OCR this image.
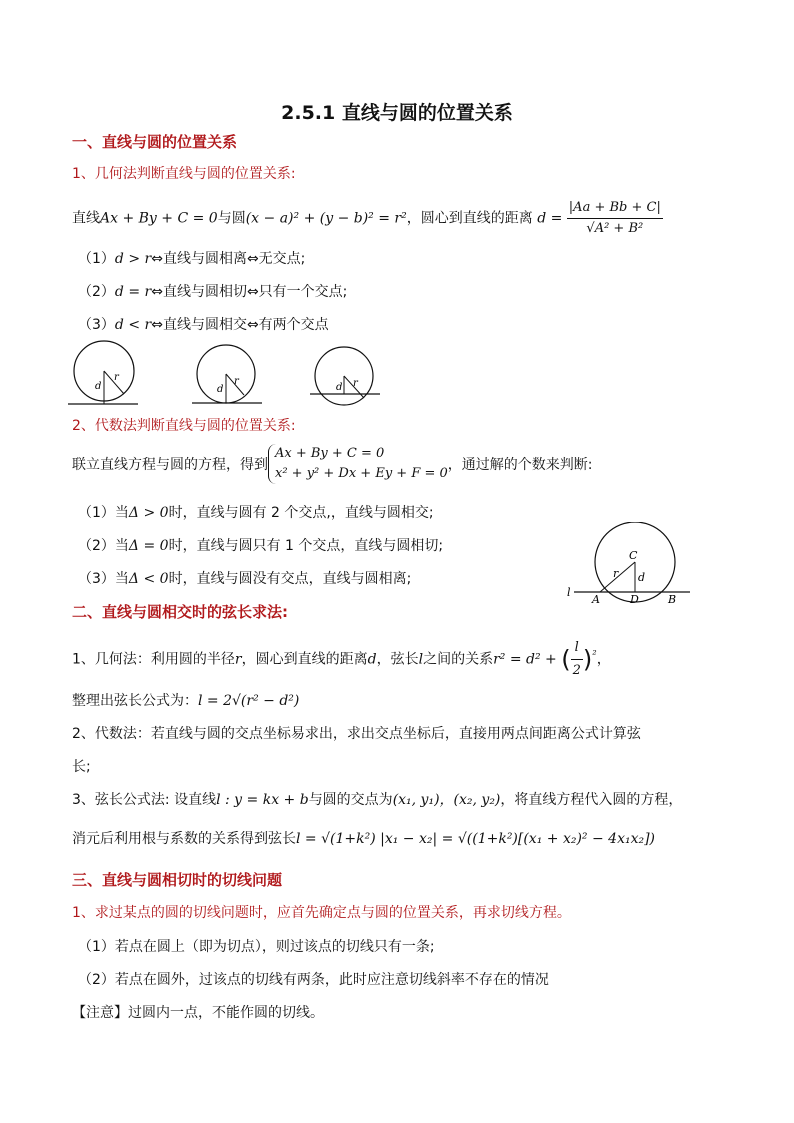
2.5.1 直线与圆的位置关系
一、直线与圆的位置关系
1、几何法判断直线与圆的位置关系:
直线Ax + By + C = 0与圆(x − a)² + (y − b)² = r²，圆心到直线的距离 $d = \frac{|Aa + Bb + C|}{\text{√A² + B²}}$
（1）d > r⇔直线与圆相离⇔无交点;
（2）d = r⇔直线与圆相切⇔只有一个交点;
（3）d < r⇔直线与圆相交⇔有两个交点
d
r
d
r
d r
2、代数法判断直线与圆的位置关系:
联立直线方程与圆的方程，得到
Ax + By + C = 0
x² + y² + Dx + Ey + F = 0
，通过解的个数来判断:
（1）当Δ > 0时，直线与圆有 2 个交点,，直线与圆相交;
（2）当Δ = 0时，直线与圆只有 1 个交点，直线与圆相切;
（3）当Δ < 0时，直线与圆没有交点，直线与圆相离;
C
r d
l
A	D	B
二、直线与圆相交时的弦长求法:
1、几何法：利用圆的半径r，圆心到直线的距离d，弦长l之间的关系r² = d² + ( $\frac{l}{2} )^{^2}$，
整理出弦长公式为：l = 2√(r² − d²)
2、代数法：若直线与圆的交点坐标易求出，求出交点坐标后，直接用两点间距离公式计算弦
长;
3、弦长公式法: 设直线l : y = kx + b与圆的交点为(x₁, y₁)，(x₂, y₂)，将直线方程代入圆的方程，
消元后利用根与系数的关系得到弦长l = √(1+k²) |x₁ − x₂| = √((1+k²)[(x₁ + x₂)² − 4x₁x₂])
三、直线与圆相切时的切线问题
1、求过某点的圆的切线问题时，应首先确定点与圆的位置关系，再求切线方程。
（1）若点在圆上（即为切点），则过该点的切线只有一条;
（2）若点在圆外，过该点的切线有两条，此时应注意切线斜率不存在的情况
【注意】过圆内一点，不能作圆的切线。
